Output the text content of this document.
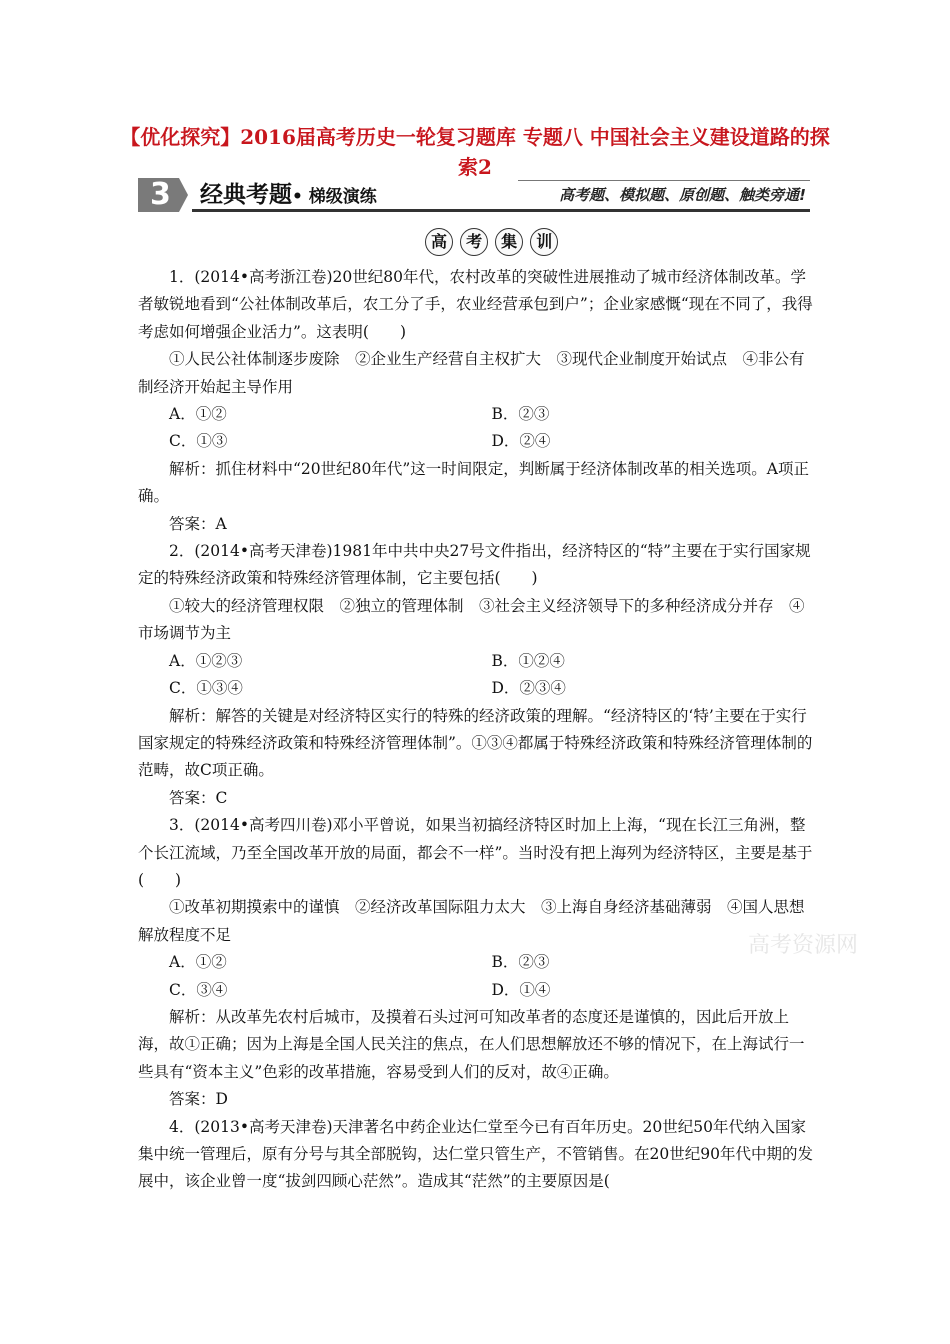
【优化探究】2016届高考历史一轮复习题库 专题八 中国社会主义建设道路的探索2
3 经典考题• 梯级演练	高考题、模拟题、原创题、触类旁通!
高 考 集 训

1．(2014•高考浙江卷)20世纪80年代，农村改革的突破性进展推动了城市经济体制改革。学者敏锐地看到“公社体制改革后，农工分了手，农业经营承包到户”；企业家感慨“现在不同了，我得考虑如何增强企业活力”。这表明(　　)

①人民公社体制逐步废除　②企业生产经营自主权扩大　③现代企业制度开始试点　④非公有制经济开始起主导作用

A．①②	B．②③
C．①③	D．②④

解析：抓住材料中“20世纪80年代”这一时间限定，判断属于经济体制改革的相关选项。A项正确。

答案：A

2．(2014•高考天津卷)1981年中共中央27号文件指出，经济特区的“特”主要在于实行国家规定的特殊经济政策和特殊经济管理体制，它主要包括(　　)

①较大的经济管理权限　②独立的管理体制　③社会主义经济领导下的多种经济成分并存　④市场调节为主

A．①②③	B．①②④
C．①③④	D．②③④

解析：解答的关键是对经济特区实行的特殊的经济政策的理解。“经济特区的‘特’主要在于实行国家规定的特殊经济政策和特殊经济管理体制”。①③④都属于特殊经济政策和特殊经济管理体制的范畴，故C项正确。

答案：C

3．(2014•高考四川卷)邓小平曾说，如果当初搞经济特区时加上上海，“现在长江三角洲，整个长江流域，乃至全国改革开放的局面，都会不一样”。当时没有把上海列为经济特区，主要是基于(　　)

①改革初期摸索中的谨慎　②经济改革国际阻力太大　③上海自身经济基础薄弱　④国人思想解放程度不足

A．①②	B．②③
C．③④	D．①④

解析：从改革先农村后城市，及摸着石头过河可知改革者的态度还是谨慎的，因此后开放上海，故①正确；因为上海是全国人民关注的焦点，在人们思想解放还不够的情况下，在上海试行一些具有“资本主义”色彩的改革措施，容易受到人们的反对，故④正确。

答案：D

4．(2013•高考天津卷)天津著名中药企业达仁堂至今已有百年历史。20世纪50年代纳入国家集中统一管理后，原有分号与其全部脱钩，达仁堂只管生产，不管销售。在20世纪90年代中期的发展中，该企业曾一度“拔剑四顾心茫然”。造成其“茫然”的主要原因是(

高考资源网
